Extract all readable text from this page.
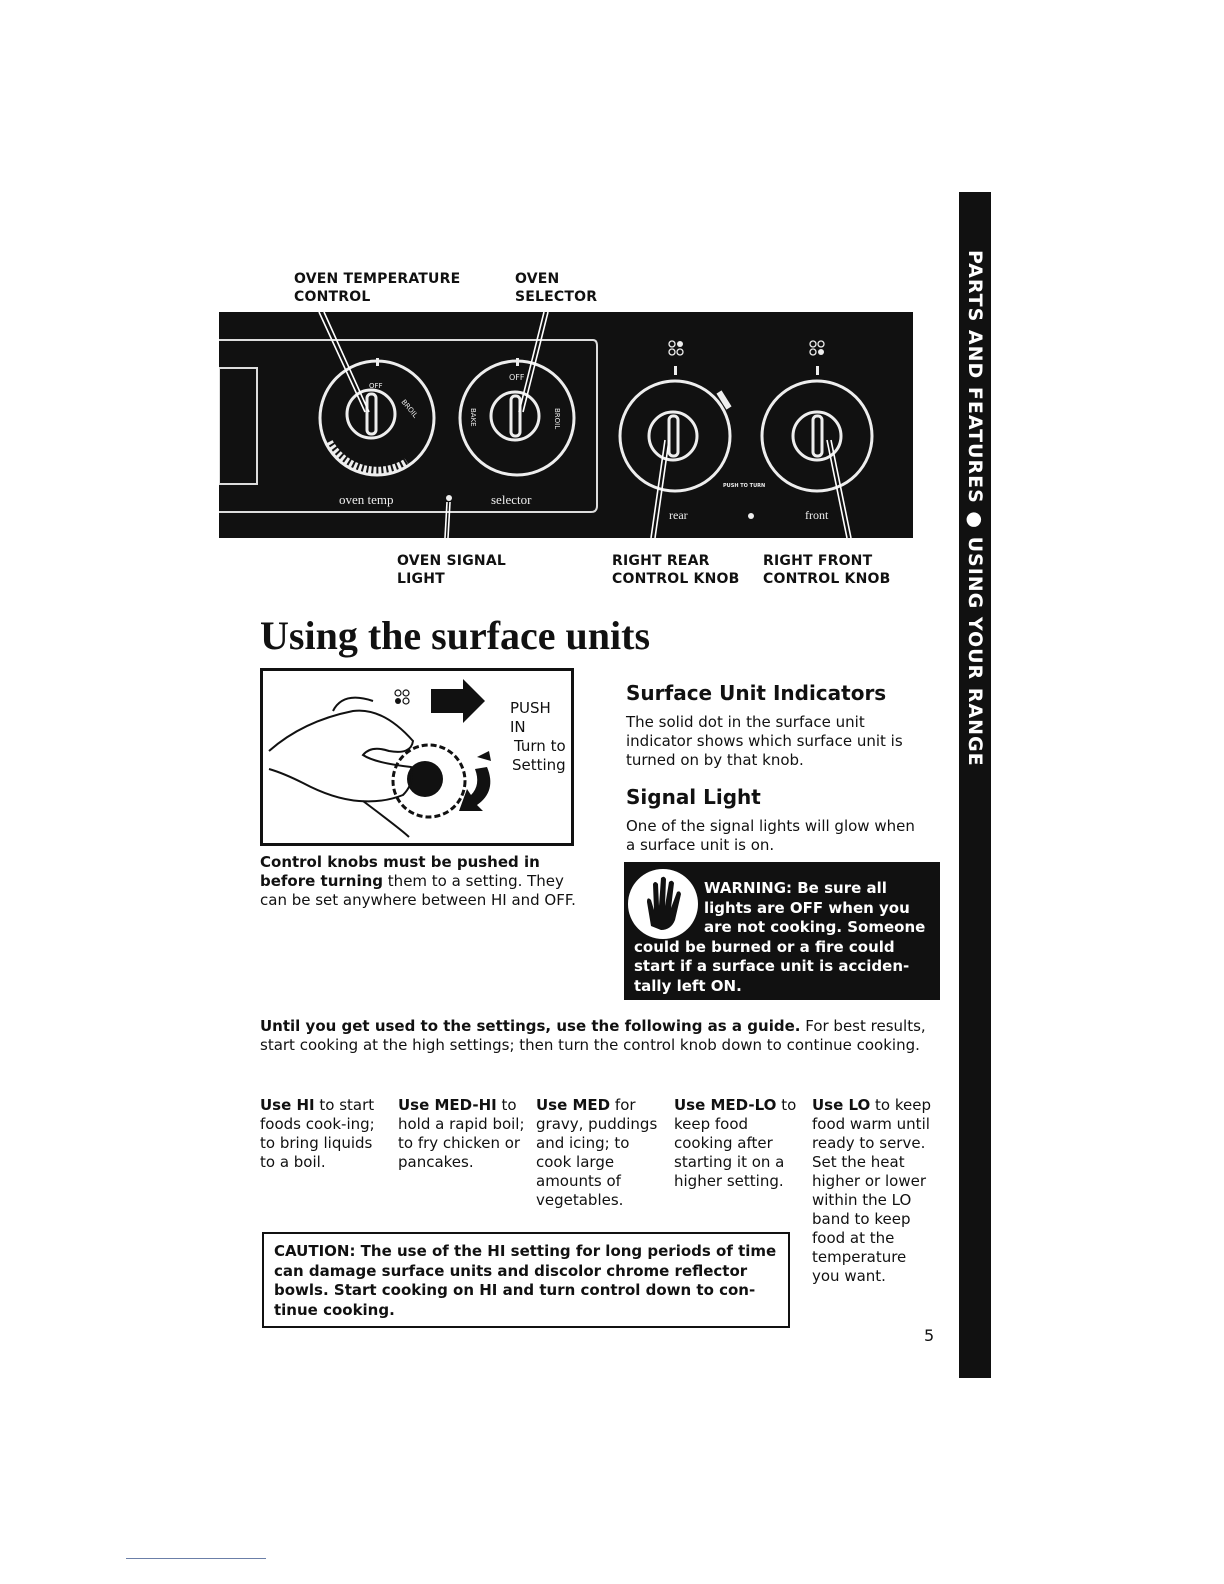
PARTS AND FEATURES ● USING YOUR RANGE
OVEN TEMPERATURE
CONTROL
OVEN
SELECTOR
OFF
BROIL
OFF
BAKE	BROIL
oven temp	selector
rear	front
PUSH TO TURN
OVEN SIGNAL
LIGHT
RIGHT REAR
CONTROL KNOB
RIGHT FRONT
CONTROL KNOB
Using the surface units
PUSH IN
Turn to
Setting
Control knobs must be pushed in before turning them to a setting. They can be set anywhere between HI and OFF.
Surface Unit Indicators
The solid dot in the surface unit indicator shows which surface unit is turned on by that knob.
Signal Light
One of the signal lights will glow when a surface unit is on.
WARNING: Be sure all
lights are OFF when you
are not cooking. Someone
could be burned or a fire could
start if a surface unit is acciden-
tally left ON.
Until you get used to the settings, use the following as a guide. For best results, start cooking at the high settings; then turn the control knob down to continue cooking.
Use HI to start foods cook-ing; to bring liquids to a boil.
Use MED-HI to hold a rapid boil; to fry chicken or pancakes.
Use MED for gravy, puddings and icing; to cook large amounts of vegetables.
Use MED-LO to keep food cooking after starting it on a higher setting.
Use LO to keep food warm until ready to serve. Set the heat higher or lower within the LO band to keep food at the temperature you want.
CAUTION: The use of the HI setting for long periods of time can damage surface units and discolor chrome reflector bowls. Start cooking on HI and turn control down to con-tinue cooking.
5
